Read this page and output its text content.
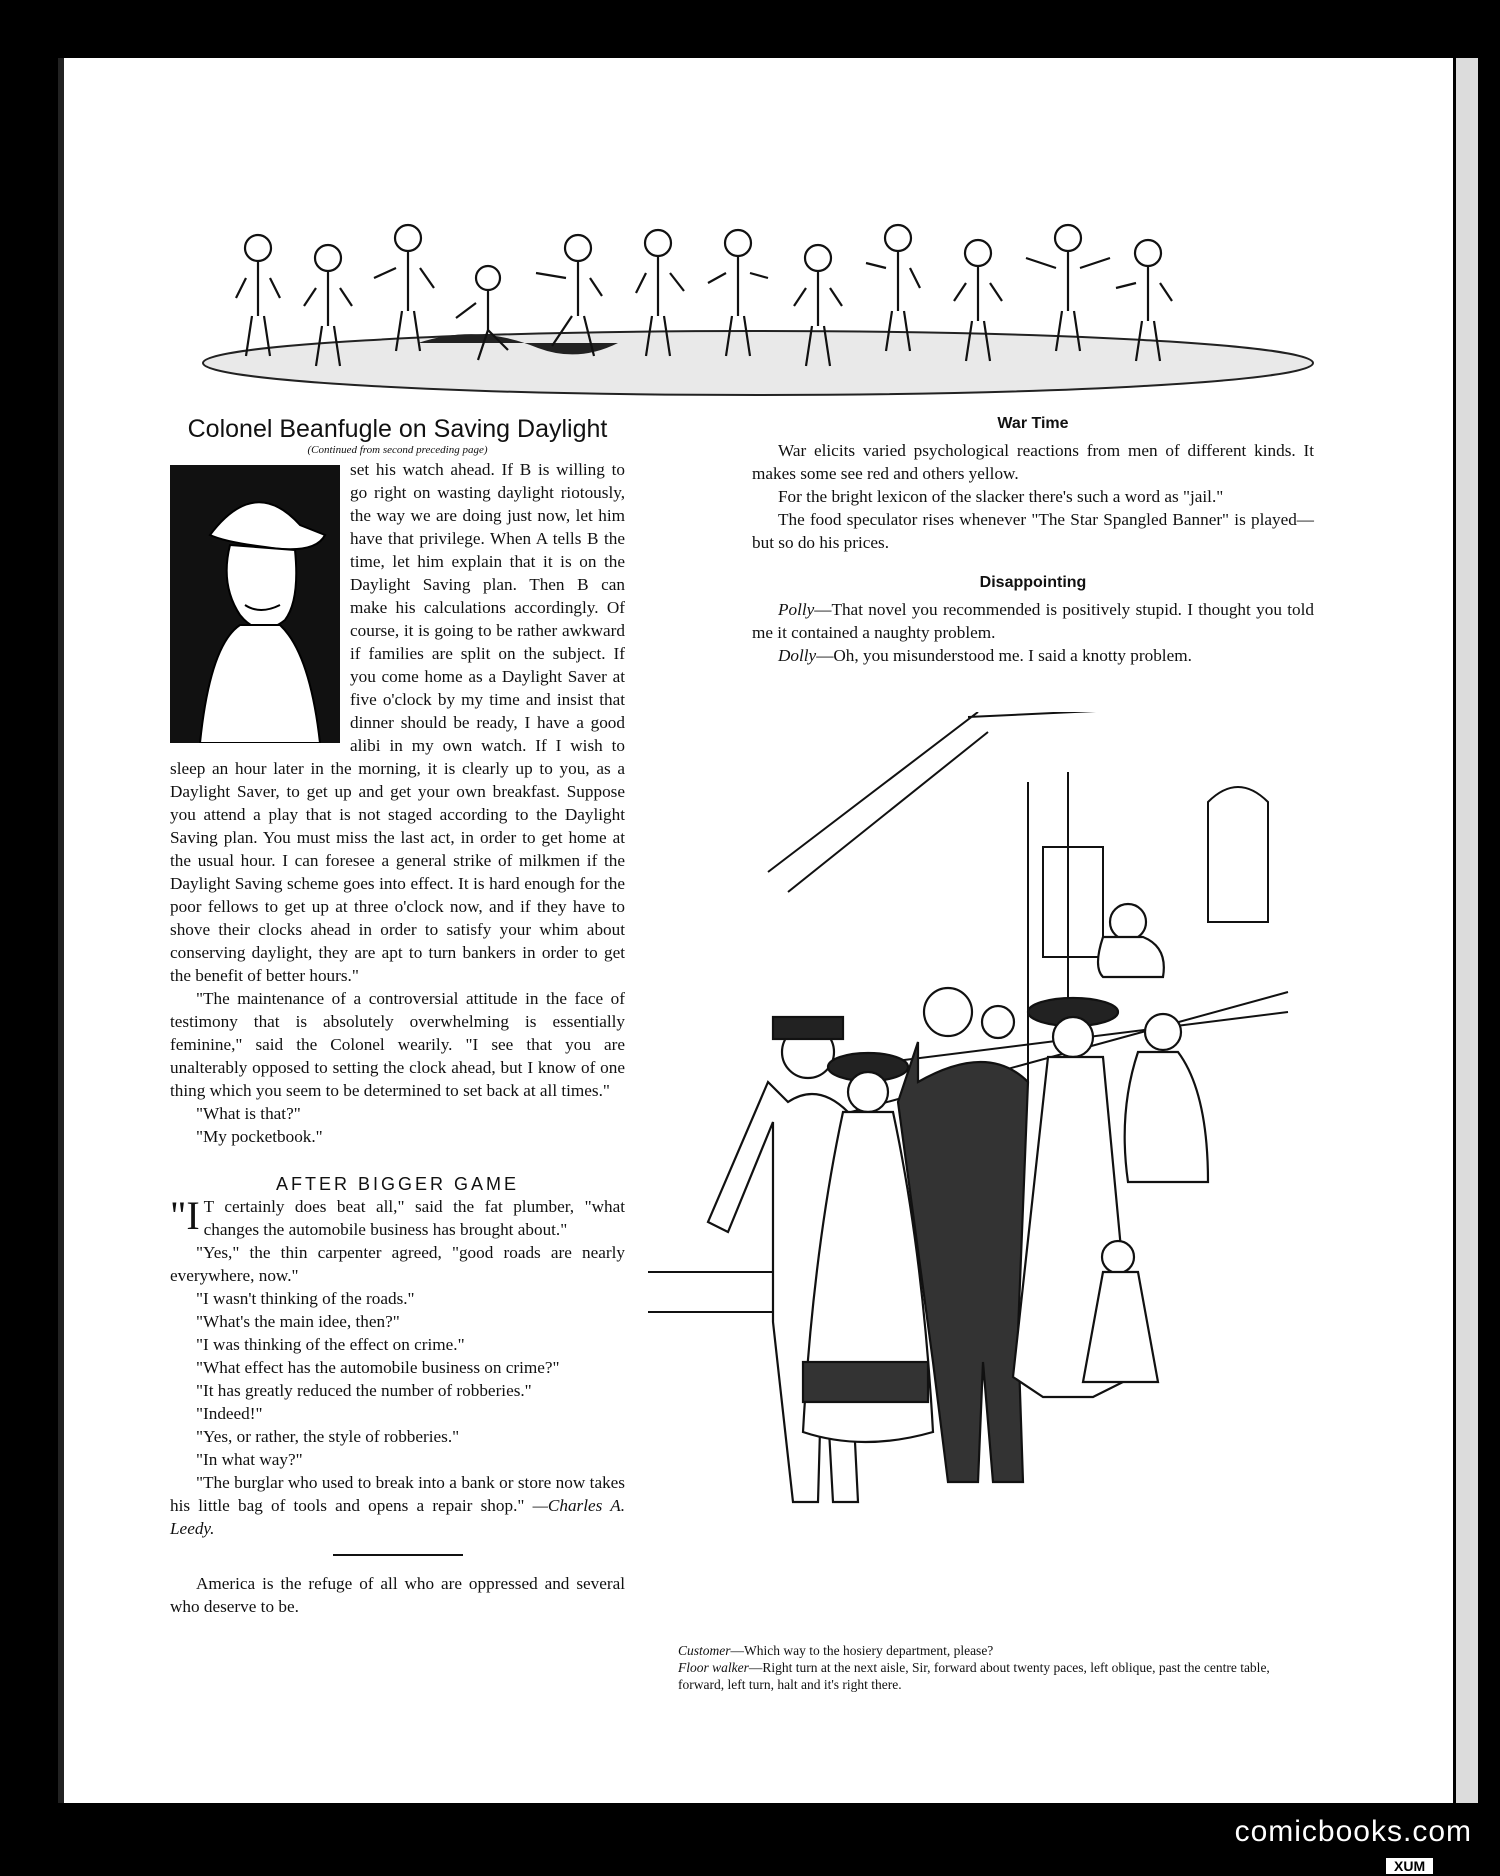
Colonel Beanfugle on Saving Daylight
(Continued from second preceding page)

set his watch ahead. If B is willing to go right on wasting daylight riotously, the way we are doing just now, let him have that privilege. When A tells B the time, let him explain that it is on the Daylight Saving plan. Then B can make his calculations accordingly. Of course, it is going to be rather awkward if families are split on the subject. If you come home as a Daylight Saver at five o'clock by my time and insist that dinner should be ready, I have a good alibi in my own watch. If I wish to sleep an hour later in the morning, it is clearly up to you, as a Daylight Saver, to get up and get your own breakfast. Suppose you attend a play that is not staged according to the Daylight Saving plan. You must miss the last act, in order to get home at the usual hour. I can foresee a general strike of milkmen if the Daylight Saving scheme goes into effect. It is hard enough for the poor fellows to get up at three o'clock now, and if they have to shove their clocks ahead in order to satisfy your whim about conserving daylight, they are apt to turn bankers in order to get the benefit of better hours."

"The maintenance of a controversial attitude in the face of testimony that is absolutely overwhelming is essentially feminine," said the Colonel wearily. "I see that you are unalterably opposed to setting the clock ahead, but I know of one thing which you seem to be determined to set back at all times."

"What is that?"

"My pocketbook."

AFTER BIGGER GAME

"I T certainly does beat all," said the fat plumber, "what changes the automobile business has brought about."

"Yes," the thin carpenter agreed, "good roads are nearly everywhere, now."

"I wasn't thinking of the roads."

"What's the main idee, then?"

"I was thinking of the effect on crime."

"What effect has the automobile business on crime?"

"It has greatly reduced the number of robberies."

"Indeed!"

"Yes, or rather, the style of robberies."

"In what way?"

"The burglar who used to break into a bank or store now takes his little bag of tools and opens a repair shop." —Charles A. Leedy.

America is the refuge of all who are oppressed and several who deserve to be.

War Time

War elicits varied psychological reactions from men of different kinds. It makes some see red and others yellow.

For the bright lexicon of the slacker there's such a word as "jail."

The food speculator rises whenever "The Star Spangled Banner" is played—but so do his prices.

Disappointing

Polly—That novel you recommended is positively stupid. I thought you told me it contained a naughty problem.

Dolly—Oh, you misunderstood me. I said a knotty problem.

Customer—Which way to the hosiery department, please?
Floor walker—Right turn at the next aisle, Sir, forward about twenty paces, left oblique, past the centre table, forward, left turn, halt and it's right there.
comicbooks.com
XUM
